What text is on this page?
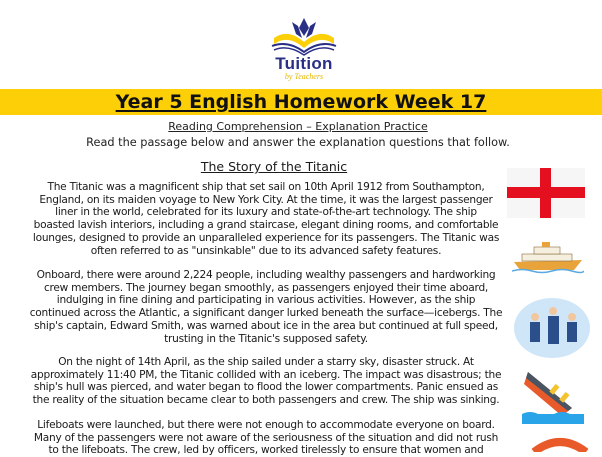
Tuition
by Teachers
Year 5 English Homework Week 17
Reading Comprehension – Explanation Practice
Read the passage below and answer the explanation questions that follow.
The Story of the Titanic
The Titanic was a magnificent ship that set sail on 10th April 1912 from Southampton,
England, on its maiden voyage to New York City. At the time, it was the largest passenger
liner in the world, celebrated for its luxury and state-of-the-art technology. The ship
boasted lavish interiors, including a grand staircase, elegant dining rooms, and comfortable
lounges, designed to provide an unparalleled experience for its passengers. The Titanic was
often referred to as "unsinkable" due to its advanced safety features.
Onboard, there were around 2,224 people, including wealthy passengers and hardworking
crew members. The journey began smoothly, as passengers enjoyed their time aboard,
indulging in fine dining and participating in various activities. However, as the ship
continued across the Atlantic, a significant danger lurked beneath the surface—icebergs. The
ship's captain, Edward Smith, was warned about ice in the area but continued at full speed,
trusting in the Titanic's supposed safety.
On the night of 14th April, as the ship sailed under a starry sky, disaster struck. At
approximately 11:40 PM, the Titanic collided with an iceberg. The impact was disastrous; the
ship's hull was pierced, and water began to flood the lower compartments. Panic ensued as
the reality of the situation became clear to both passengers and crew. The ship was sinking.
Lifeboats were launched, but there were not enough to accommodate everyone on board.
Many of the passengers were not aware of the seriousness of the situation and did not rush
to the lifeboats. The crew, led by officers, worked tirelessly to ensure that women and
